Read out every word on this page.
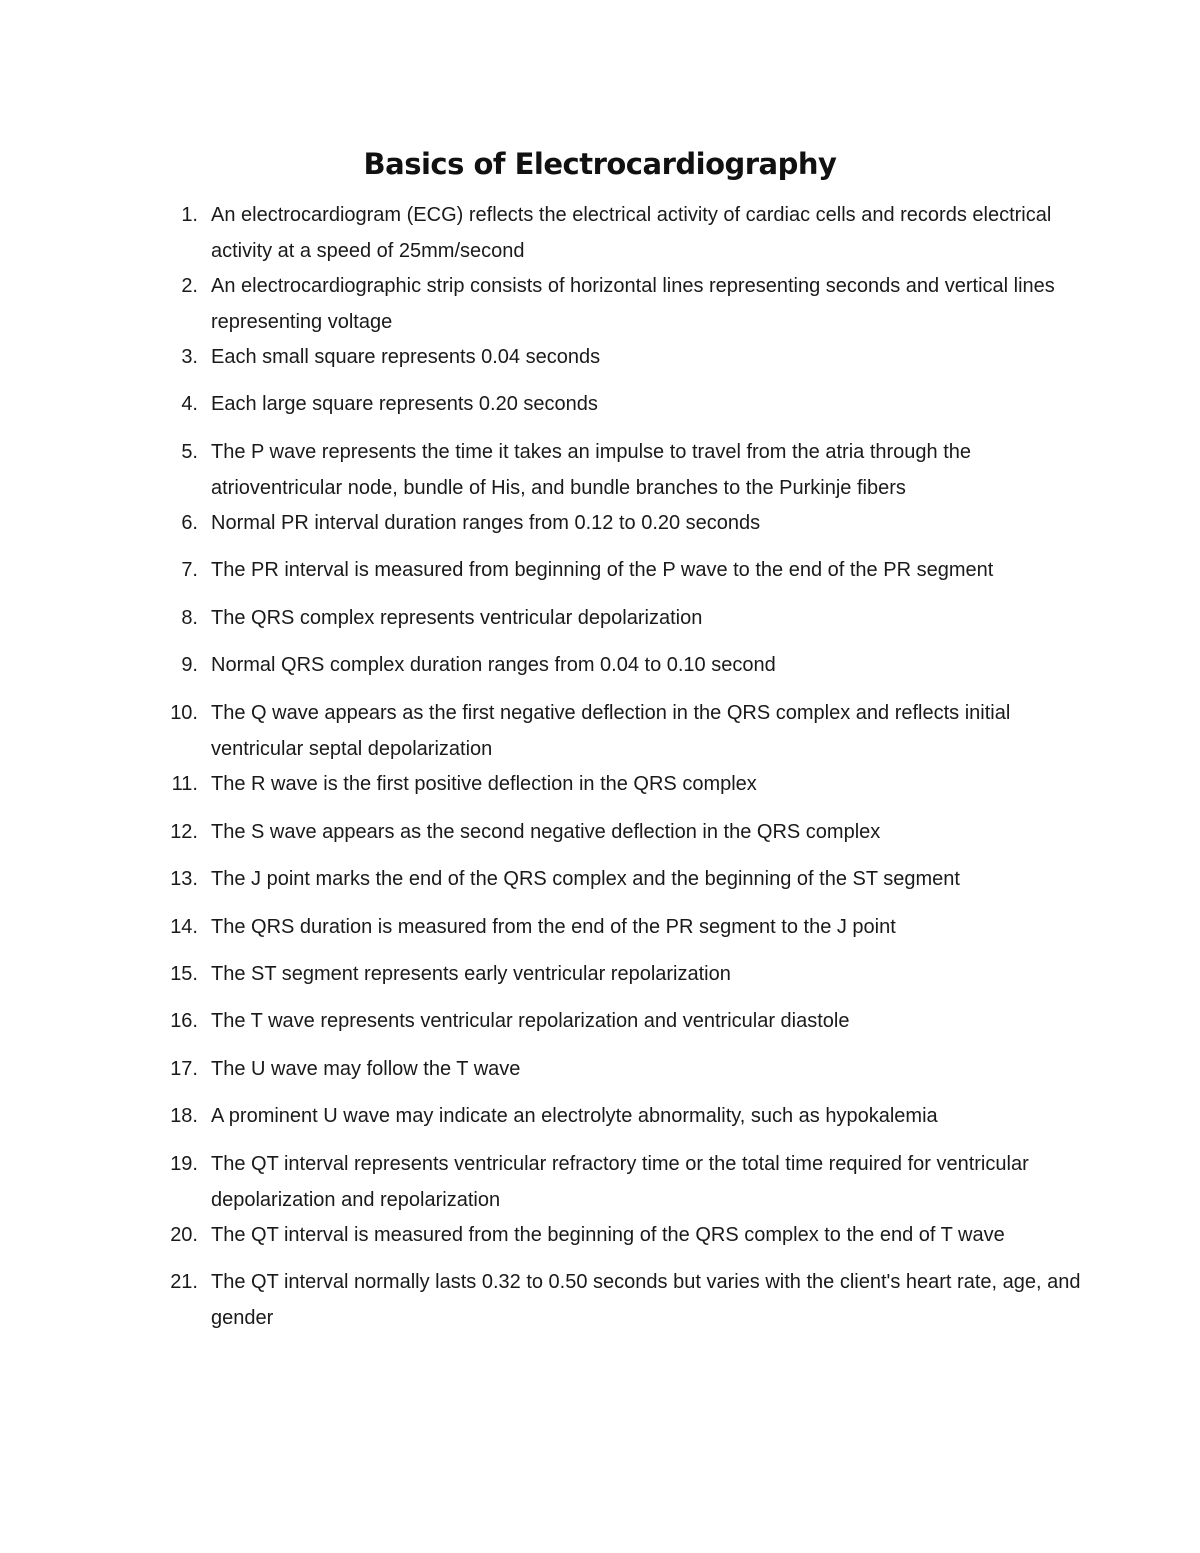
Basics of Electrocardiography
1. An electrocardiogram (ECG) reflects the electrical activity of cardiac cells and records electrical activity at a speed of 25mm/second
2. An electrocardiographic strip consists of horizontal lines representing seconds and vertical lines representing voltage
3. Each small square represents 0.04 seconds
4. Each large square represents 0.20 seconds
5. The P wave represents the time it takes an impulse to travel from the atria through the atrioventricular node, bundle of His, and bundle branches to the Purkinje fibers
6. Normal PR interval duration ranges from 0.12 to 0.20 seconds
7. The PR interval is measured from beginning of the P wave to the end of the PR segment
8. The QRS complex represents ventricular depolarization
9. Normal QRS complex duration ranges from 0.04 to 0.10 second
10. The Q wave appears as the first negative deflection in the QRS complex and reflects initial ventricular septal depolarization
11. The R wave is the first positive deflection in the QRS complex
12. The S wave appears as the second negative deflection in the QRS complex
13. The J point marks the end of the QRS complex and the beginning of the ST segment
14. The QRS duration is measured from the end of the PR segment to the J point
15. The ST segment represents early ventricular repolarization
16. The T wave represents ventricular repolarization and ventricular diastole
17. The U wave may follow the T wave
18. A prominent U wave may indicate an electrolyte abnormality, such as hypokalemia
19. The QT interval represents ventricular refractory time or the total time required for ventricular depolarization and repolarization
20. The QT interval is measured from the beginning of the QRS complex to the end of T wave
21. The QT interval normally lasts 0.32 to 0.50 seconds but varies with the client's heart rate, age, and gender
